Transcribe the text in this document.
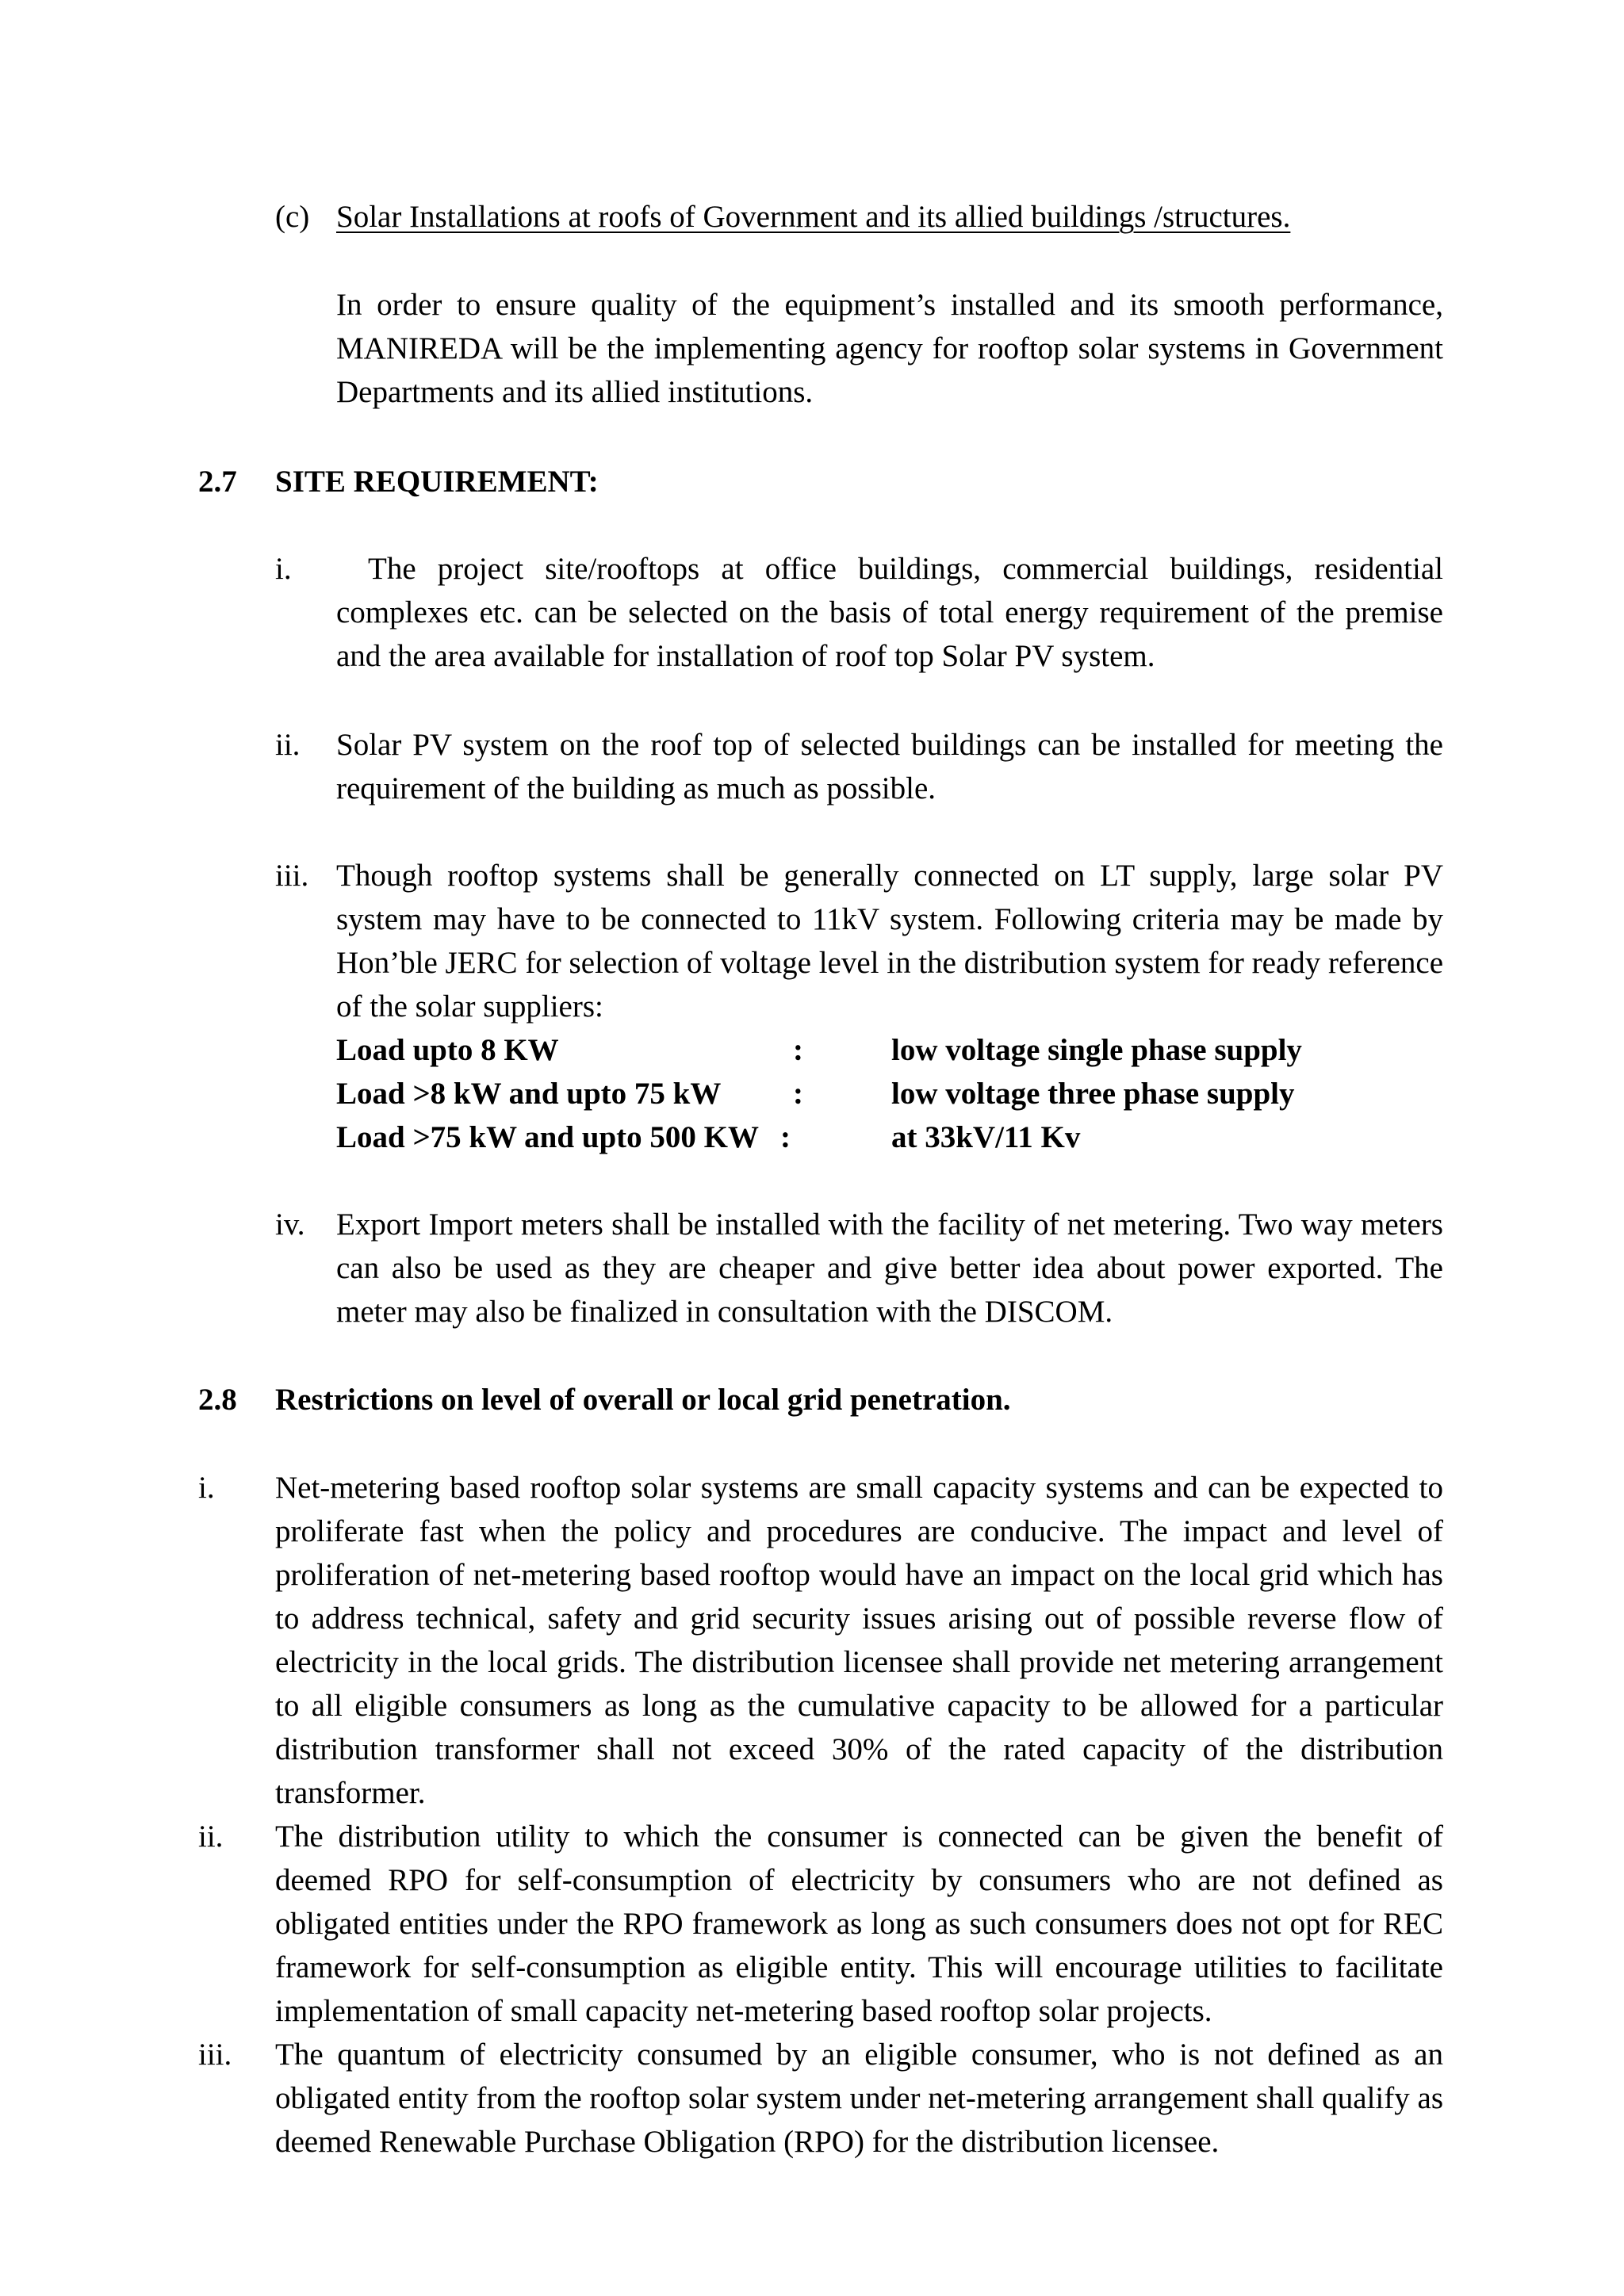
(c) Solar Installations at roofs of Government and its allied buildings /structures.
In order to ensure quality of the equipment’s installed and its smooth performance, MANIREDA will be the implementing agency for rooftop solar systems in Government Departments and its allied institutions.
2.7 SITE REQUIREMENT:
i.	The project site/rooftops at office buildings, commercial buildings, residential complexes etc. can be selected on the basis of total energy requirement of the premise and the area available for installation of roof top Solar PV system.
ii. Solar PV system on the roof top of selected buildings can be installed for meeting the requirement of the building as much as possible.
iii. Though rooftop systems shall be generally connected on LT supply, large solar PV system may have to be connected to 11kV system. Following criteria may be made by Hon’ble JERC for selection of voltage level in the distribution system for ready reference of the solar suppliers:
Load upto 8 KW	:	low voltage single phase supply
Load >8 kW and upto 75 kW :	low voltage three phase supply
Load >75 kW and upto 500 KW :	at 33kV/11 Kv
iv. Export Import meters shall be installed with the facility of net metering. Two way meters can also be used as they are cheaper and give better idea about power exported. The meter may also be finalized in consultation with the DISCOM.
2.8 Restrictions on level of overall or local grid penetration.
i. Net-metering based rooftop solar systems are small capacity systems and can be expected to proliferate fast when the policy and procedures are conducive. The impact and level of proliferation of net-metering based rooftop would have an impact on the local grid which has to address technical, safety and grid security issues arising out of possible reverse flow of electricity in the local grids. The distribution licensee shall provide net metering arrangement to all eligible consumers as long as the cumulative capacity to be allowed for a particular distribution transformer shall not exceed 30% of the rated capacity of the distribution transformer.
ii. The distribution utility to which the consumer is connected can be given the benefit of deemed RPO for self-consumption of electricity by consumers who are not defined as obligated entities under the RPO framework as long as such consumers does not opt for REC framework for self-consumption as eligible entity. This will encourage utilities to facilitate implementation of small capacity net-metering based rooftop solar projects.
iii. The quantum of electricity consumed by an eligible consumer, who is not defined as an obligated entity from the rooftop solar system under net-metering arrangement shall qualify as deemed Renewable Purchase Obligation (RPO) for the distribution licensee.
